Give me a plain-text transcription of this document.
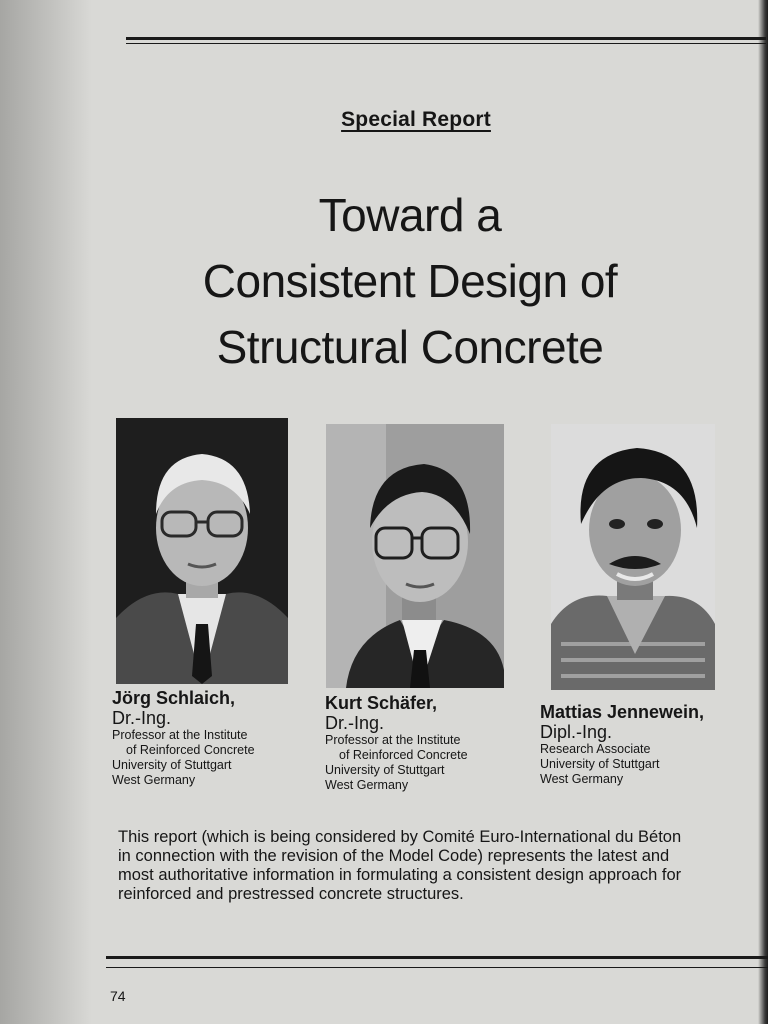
Special Report
Toward a
Consistent Design of
Structural Concrete
Jörg Schlaich,
Dr.-Ing.
Professor at the Institute
of Reinforced Concrete
University of Stuttgart
West Germany
Kurt Schäfer,
Dr.-Ing.
Professor at the Institute
of Reinforced Concrete
University of Stuttgart
West Germany
Mattias Jennewein,
Dipl.-Ing.
Research Associate
University of Stuttgart
West Germany
This report (which is being considered by Comité Euro-International du Béton
in connection with the revision of the Model Code) represents the latest and
most authoritative information in formulating a consistent design approach for
reinforced and prestressed concrete structures.
74
